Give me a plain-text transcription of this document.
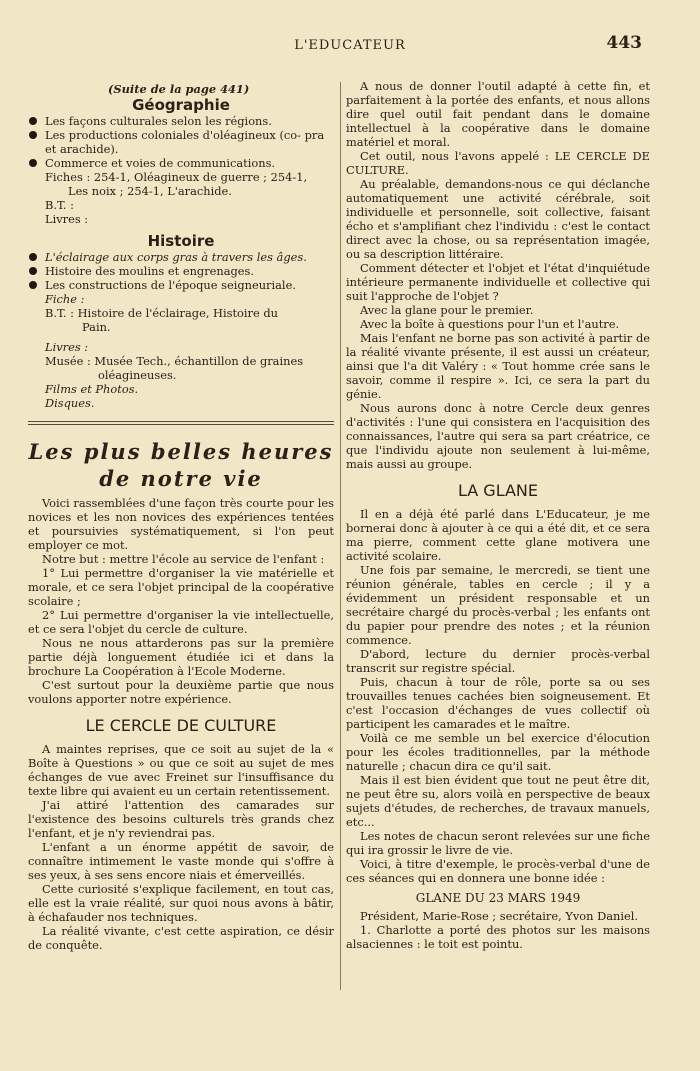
L'EDUCATEUR	443

(Suite de la page 441)

Géographie
Les façons culturales selon les régions.
Les productions coloniales d'oléagineux (co- pra et arachide).
Commerce et voies de communications.

Fiches : 254-1, Oléagineux de guerre ; 254-1,

Les noix ; 254-1, L'arachide.

B.T. :

Livres :

Histoire
L'éclairage aux corps gras à travers les âges.
Histoire des moulins et engrenages.
Les constructions de l'époque seigneuriale.

Fiche :

B.T. : Histoire de l'éclairage, Histoire du

Pain.

Livres :

Musée : Musée Tech., échantillon de graines

oléagineuses.

Films et Photos.

Disques.

Les plus belles heures
de notre vie

Voici rassemblées d'une façon très courte pour les novices et les non novices des expériences tentées et poursuivies systématiquement, si l'on peut employer ce mot.

Notre but : mettre l'école au service de l'enfant :

1° Lui permettre d'organiser la vie matérielle et morale, et ce sera l'objet principal de la coopérative scolaire ;

2° Lui permettre d'organiser la vie intellectuelle, et ce sera l'objet du cercle de culture.

Nous ne nous attarderons pas sur la première partie déjà longuement étudiée ici et dans la brochure La Coopération à l'Ecole Moderne.

C'est surtout pour la deuxième partie que nous voulons apporter notre expérience.

LE CERCLE DE CULTURE

A maintes reprises, que ce soit au sujet de la « Boîte à Questions » ou que ce soit au sujet de mes échanges de vue avec Freinet sur l'insuffisance du texte libre qui avaient eu un certain retentissement.

J'ai attiré l'attention des camarades sur l'existence des besoins culturels très grands chez l'enfant, et je n'y reviendrai pas.

L'enfant a un énorme appétit de savoir, de connaître intimement le vaste monde qui s'offre à ses yeux, à ses sens encore niais et émerveillés.

Cette curiosité s'explique facilement, en tout cas, elle est la vraie réalité, sur quoi nous avons à bâtir, à échafauder nos techniques.

La réalité vivante, c'est cette aspiration, ce désir de conquête.

A nous de donner l'outil adapté à cette fin, et parfaitement à la portée des enfants, et nous allons dire quel outil fait pendant dans le domaine intellectuel à la coopérative dans le domaine matériel et moral.

Cet outil, nous l'avons appelé : LE CERCLE DE CULTURE.

Au préalable, demandons-nous ce qui déclanche automatiquement une activité cérébrale, soit individuelle et personnelle, soit collective, faisant écho et s'amplifiant chez l'individu : c'est le contact direct avec la chose, ou sa représentation imagée, ou sa description littéraire.

Comment détecter et l'objet et l'état d'inquiétude intérieure permanente individuelle et collective qui suit l'approche de l'objet ?

Avec la glane pour le premier.

Avec la boîte à questions pour l'un et l'autre.

Mais l'enfant ne borne pas son activité à partir de la réalité vivante présente, il est aussi un créateur, ainsi que l'a dit Valéry : « Tout homme crée sans le savoir, comme il respire ». Ici, ce sera la part du génie.

Nous aurons donc à notre Cercle deux genres d'activités : l'une qui consistera en l'acquisition des connaissances, l'autre qui sera sa part créatrice, ce que l'individu ajoute non seulement à lui-même, mais aussi au groupe.

LA GLANE

Il en a déjà été parlé dans L'Educateur, je me bornerai donc à ajouter à ce qui a été dit, et ce sera ma pierre, comment cette glane motivera une activité scolaire.

Une fois par semaine, le mercredi, se tient une réunion générale, tables en cercle ; il y a évidemment un président responsable et un secrétaire chargé du procès-verbal ; les enfants ont du papier pour prendre des notes ; et la réunion commence.

D'abord, lecture du dernier procès-verbal transcrit sur registre spécial.

Puis, chacun à tour de rôle, porte sa ou ses trouvailles tenues cachées bien soigneusement. Et c'est l'occasion d'échanges de vues collectif où participent les camarades et le maître.

Voilà ce me semble un bel exercice d'élocution pour les écoles traditionnelles, par la méthode naturelle ; chacun dira ce qu'il sait.

Mais il est bien évident que tout ne peut être dit, ne peut être su, alors voilà en perspective de beaux sujets d'études, de recherches, de travaux manuels, etc...

Les notes de chacun seront relevées sur une fiche qui ira grossir le livre de vie.

Voici, à titre d'exemple, le procès-verbal d'une de ces séances qui en donnera une bonne idée :

GLANE DU 23 MARS 1949

Président, Marie-Rose ; secrétaire, Yvon Daniel.

1. Charlotte a porté des photos sur les maisons alsaciennes : le toit est pointu.
